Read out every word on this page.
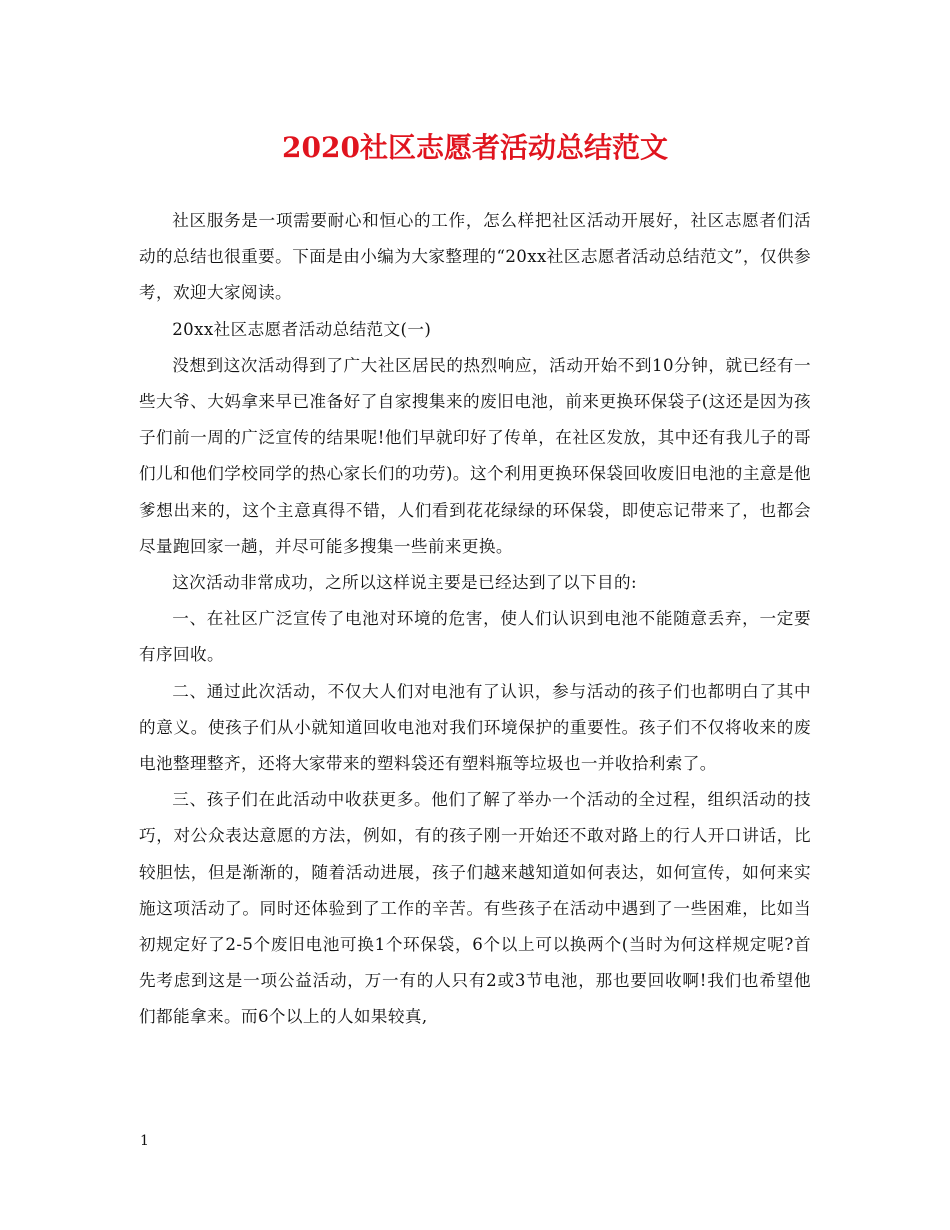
2020社区志愿者活动总结范文

社区服务是一项需要耐心和恒心的工作，怎么样把社区活动开展好，社区志愿者们活动的总结也很重要。下面是由小编为大家整理的“20xx社区志愿者活动总结范文”，仅供参考，欢迎大家阅读。

20xx社区志愿者活动总结范文(一)

没想到这次活动得到了广大社区居民的热烈响应，活动开始不到10分钟，就已经有一些大爷、大妈拿来早已准备好了自家搜集来的废旧电池，前来更换环保袋子(这还是因为孩子们前一周的广泛宣传的结果呢!他们早就印好了传单，在社区发放，其中还有我儿子的哥们儿和他们学校同学的热心家长们的功劳)。这个利用更换环保袋回收废旧电池的主意是他爹想出来的，这个主意真得不错，人们看到花花绿绿的环保袋，即使忘记带来了，也都会尽量跑回家一趟，并尽可能多搜集一些前来更换。

这次活动非常成功，之所以这样说主要是已经达到了以下目的:

一、在社区广泛宣传了电池对环境的危害，使人们认识到电池不能随意丢弃，一定要有序回收。

二、通过此次活动，不仅大人们对电池有了认识，参与活动的孩子们也都明白了其中的意义。使孩子们从小就知道回收电池对我们环境保护的重要性。孩子们不仅将收来的废电池整理整齐，还将大家带来的塑料袋还有塑料瓶等垃圾也一并收拾利索了。

三、孩子们在此活动中收获更多。他们了解了举办一个活动的全过程，组织活动的技巧，对公众表达意愿的方法，例如，有的孩子刚一开始还不敢对路上的行人开口讲话，比较胆怯，但是渐渐的，随着活动进展，孩子们越来越知道如何表达，如何宣传，如何来实施这项活动了。同时还体验到了工作的辛苦。有些孩子在活动中遇到了一些困难，比如当初规定好了2-5个废旧电池可换1个环保袋，6个以上可以换两个(当时为何这样规定呢?首先考虑到这是一项公益活动，万一有的人只有2或3节电池，那也要回收啊!我们也希望他们都能拿来。而6个以上的人如果较真,

1
